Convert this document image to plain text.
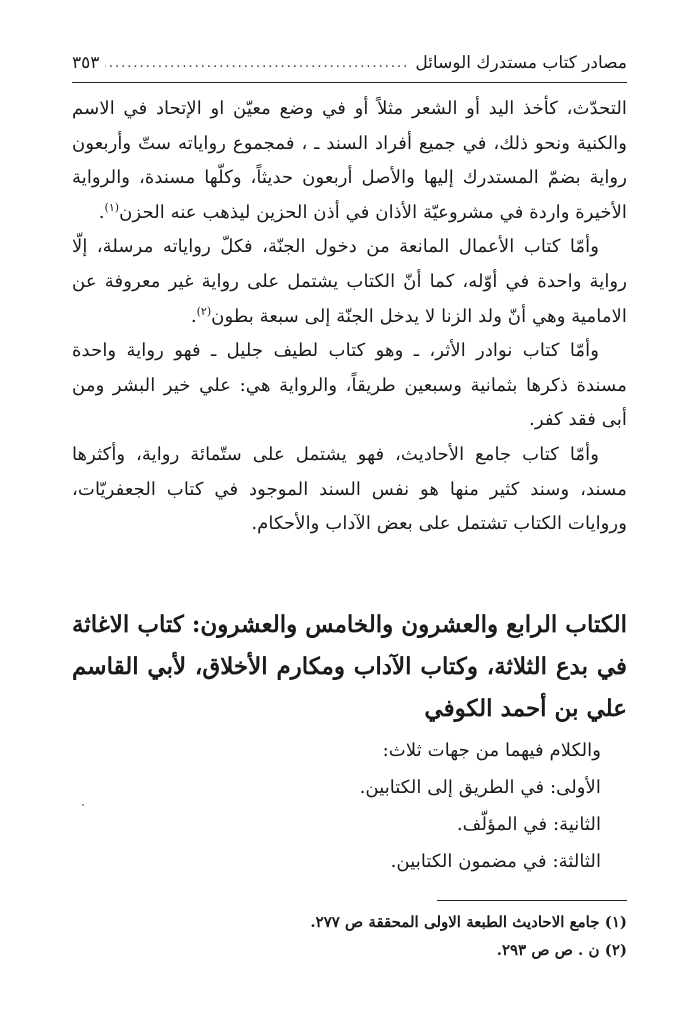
مصادر كتاب مستدرك الوسائل
.....
٣٥٣

التحدّث، كأخذ اليد أو الشعر مثلاً أو في وضع معيّن او الإتحاد في الاسم والكنية ونحو ذلك، في جميع أفراد السند ـ ، فمجموع رواياته ستّ وأربعون رواية بضمّ المستدرك إليها والأصل أربعون حديثاً، وكلّها مسندة، والرواية الأخيرة واردة في مشروعيّة الأذان في أذن الحزين ليذهب عنه الحزن$^{(١)}$.

وأمّا كتاب الأعمال المانعة من دخول الجنّة، فكلّ رواياته مرسلة، إلّا رواية واحدة في أوّله، كما أنّ الكتاب يشتمل على رواية غير معروفة عن الامامية وهي أنّ ولد الزنا لا يدخل الجنّة إلى سبعة بطون$^{(٢)}$.

وأمّا كتاب نوادر الأثر، ـ وهو كتاب لطيف جليل ـ فهو رواية واحدة مسندة ذكرها بثمانية وسبعين طريقاً، والرواية هي: علي خير البشر ومن أبى فقد كفر.

وأمّا كتاب جامع الأحاديث، فهو يشتمل على ستّمائة رواية، وأكثرها مسند، وسند كثير منها هو نفس السند الموجود في كتاب الجعفريّات، وروايات الكتاب تشتمل على بعض الآداب والأحكام.

الكتاب الرابع والعشرون والخامس والعشرون: كتاب الاغاثة في بدع الثلاثة، وكتاب الآداب ومكارم الأخلاق، لأبي القاسم علي بن أحمد الكوفي

والكلام فيهما من جهات ثلاث:

الأولى: في الطريق إلى الكتابين.

الثانية: في المؤلّف.

الثالثة: في مضمون الكتابين.

(١) جامع الاحاديث الطبعة الاولى المحققة ص ٢٧٧.

(٢) ن . ص ص ٢٩٣.
